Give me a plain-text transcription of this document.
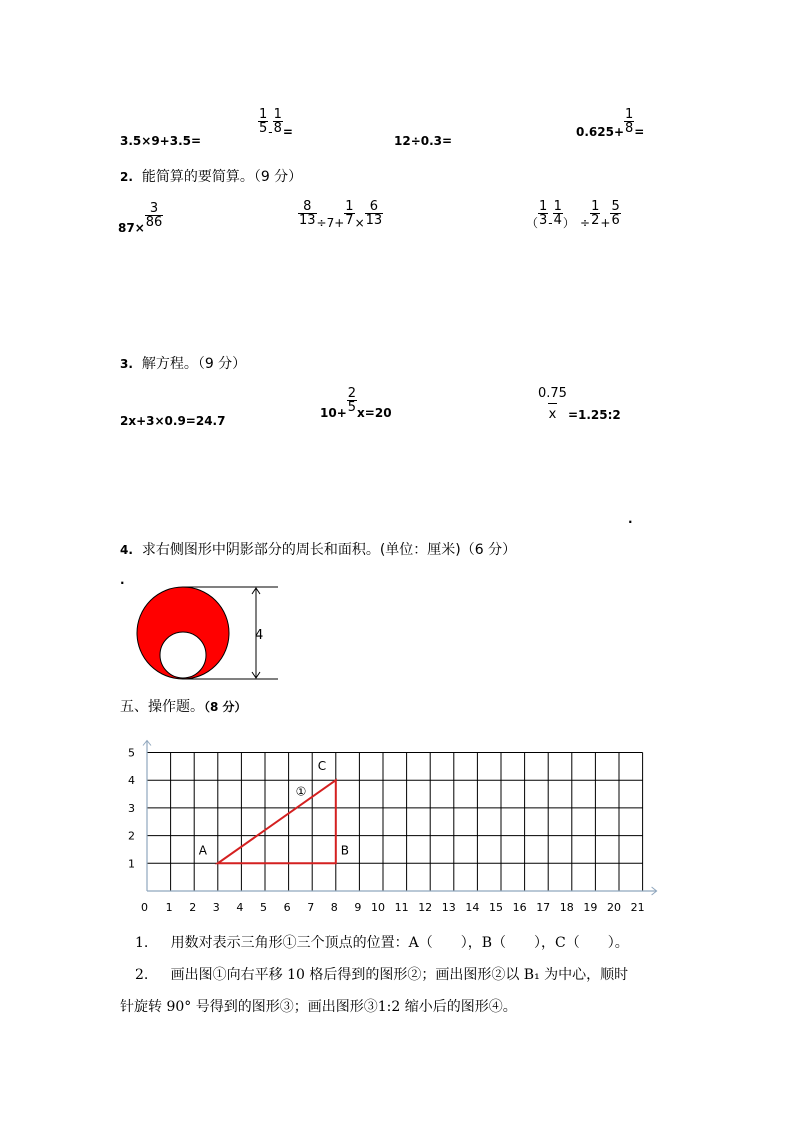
3.5×9+3.5=
$\frac{1}{5} _- \frac{1}{8} _=$
12÷0.3=
$_{0.625+} \frac{1}{8} _=$
2. 能简算的要简算。（9 分）
$_{87\times} \frac{3}{86}$	$\frac{8}{13} _{\div 7+} \frac{1}{7} _\times \frac{6}{13}$	$_( \frac{1}{3} _- \frac{1}{4} _)$ $_\div \frac{1}{2} _+ \frac{5}{6}$
3. 解方程。（9 分）
2x+3×0.9=24.7
$_{10+} \frac{2}{5} _{x=20}$	$\frac{0.75}{x} _{=1.25:2}$
.
4. 求右侧图形中阴影部分的周长和面积。(单位：厘米)（6 分）
.
4
五、操作题。（8 分）
0 1 2 3 4 5 6 7 8 9 10 11 12 13 14 15 16 17 18 19 20 21
1
2
3
4
5
A	B
C
①
1. 用数对表示三角形①三个顶点的位置：A（　　），B（　　），C（　　）。
2. 画出图①向右平移 10 格后得到的图形②；画出图形②以 B₁ 为中心，顺时
针旋转 90° 号得到的图形③；画出图形③1:2 缩小后的图形④。
